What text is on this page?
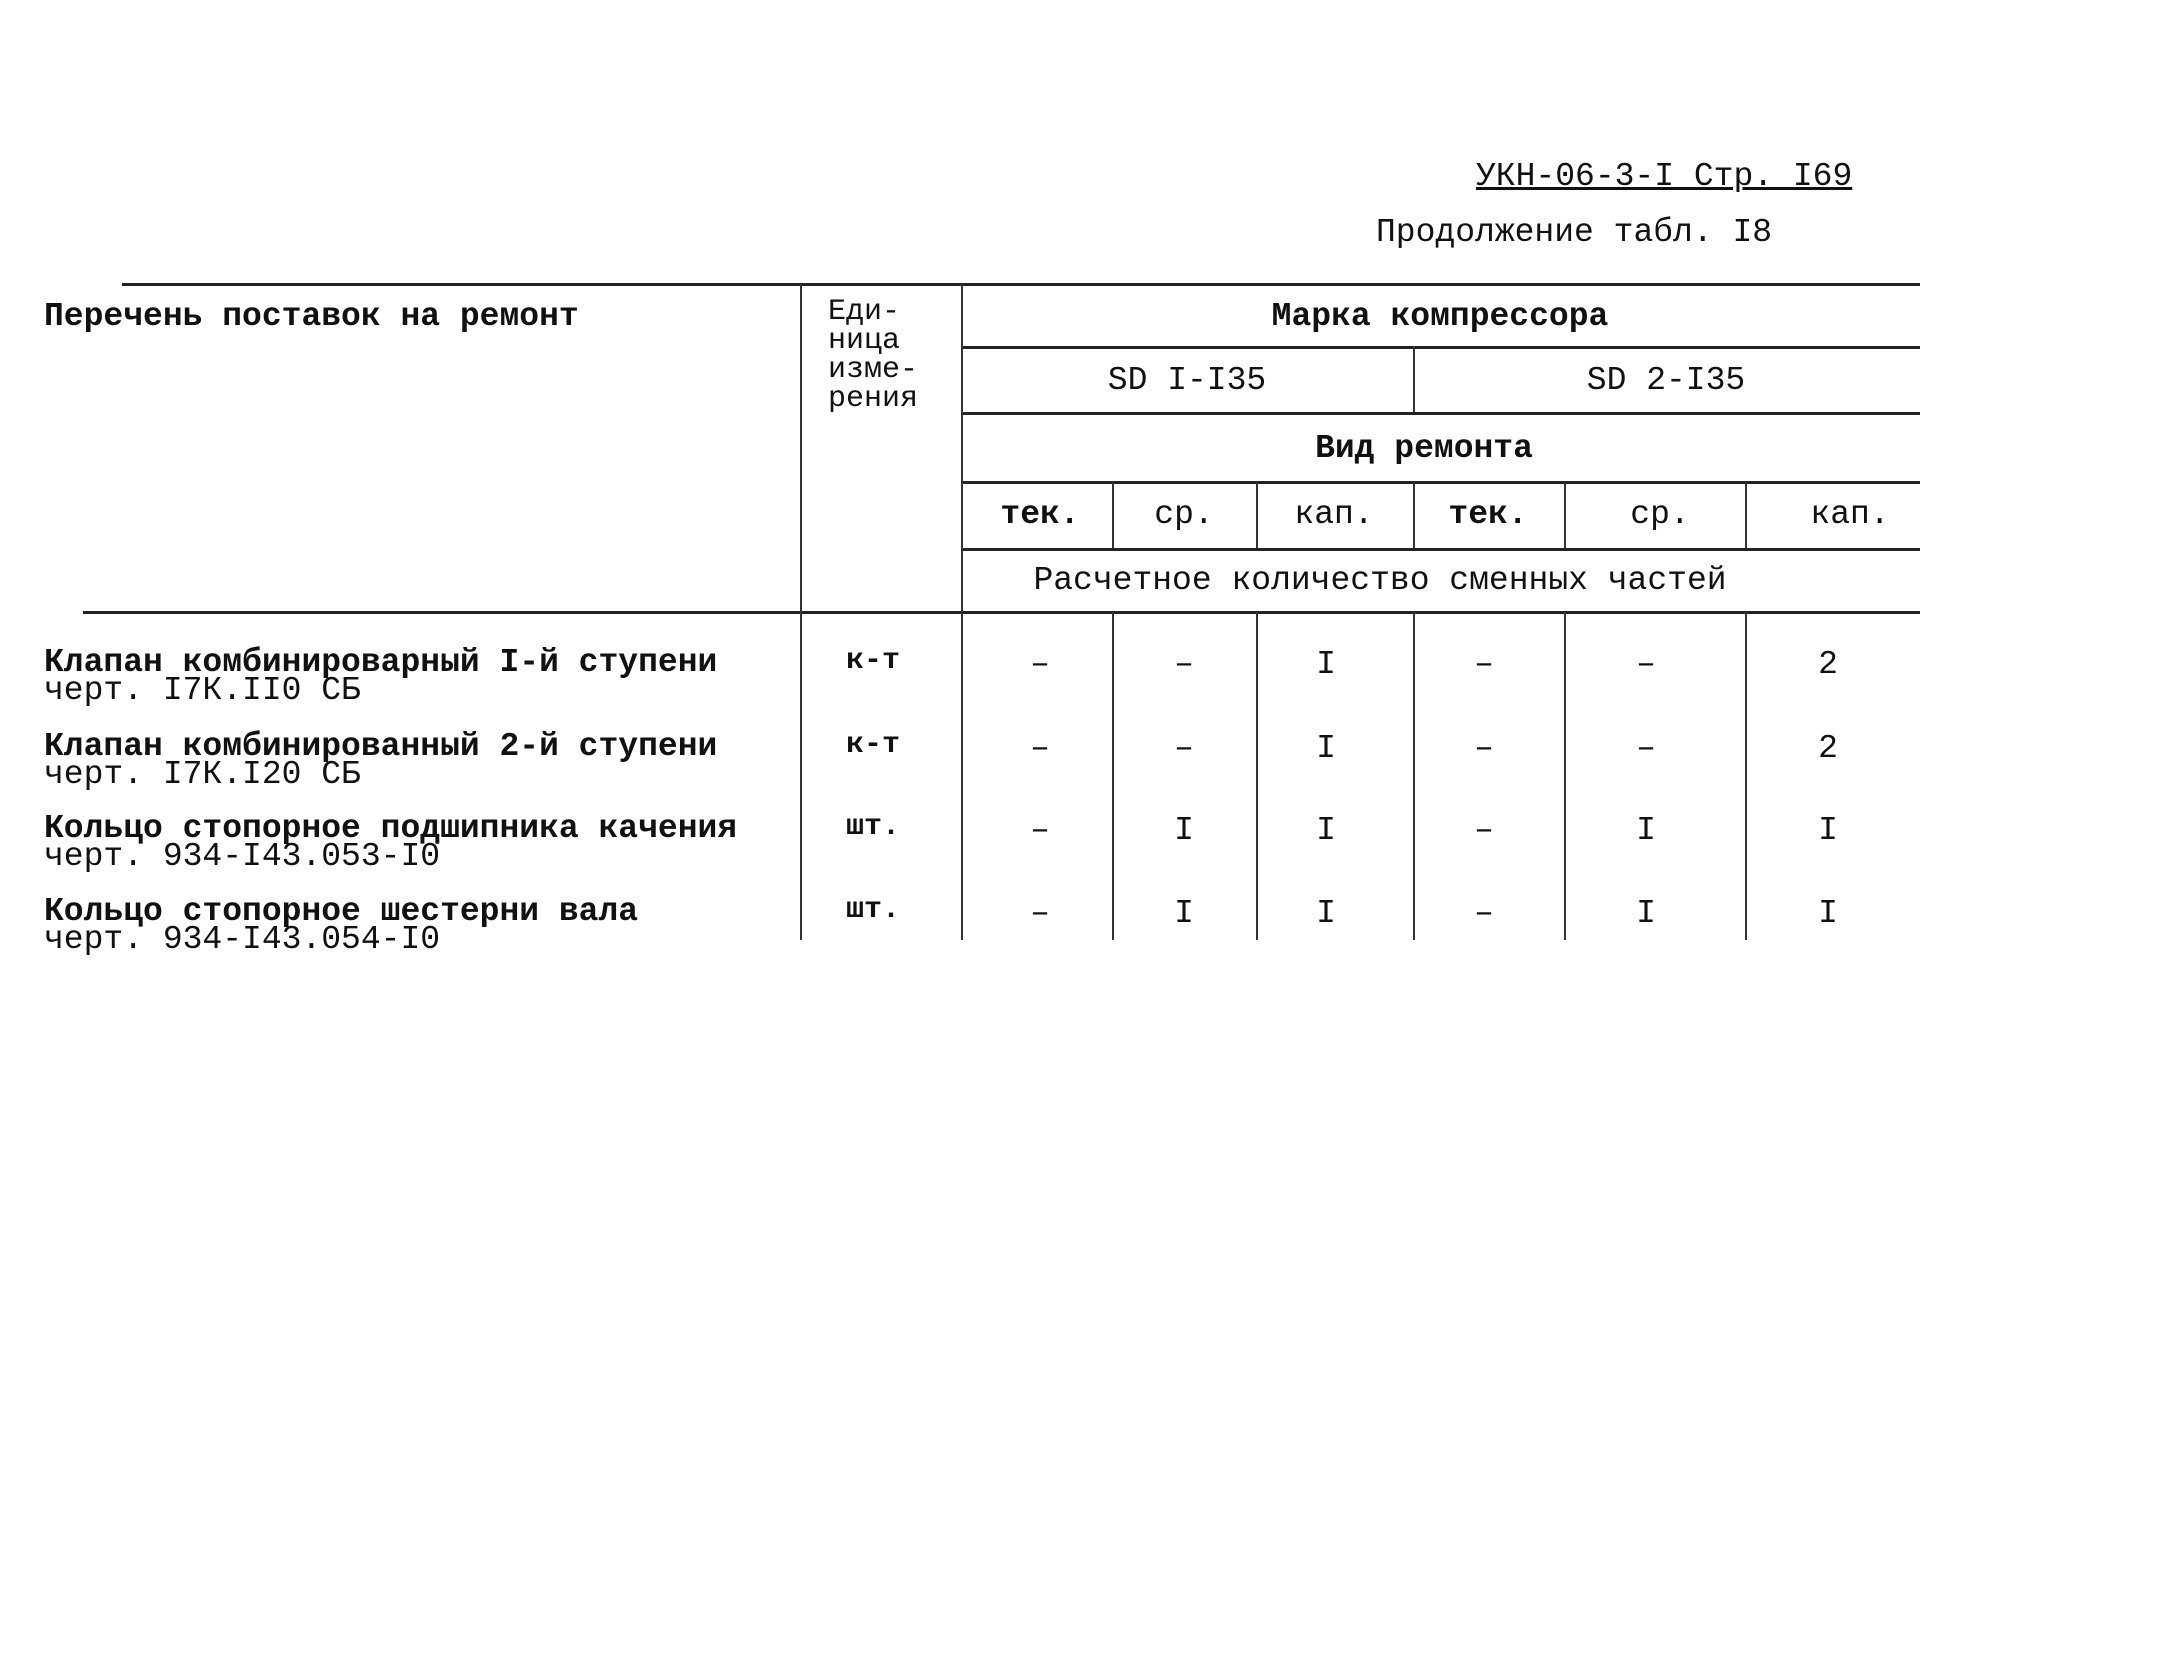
УКН-06-3-I Стр. I69
Продолжение табл. I8
Перечень поставок на ремонт	Еди-
ница
изме-
рения
Марка компрессора
SD I-I35	SD 2-I35
Вид ремонта
тек. ср. кап. тек.	ср.	кап.
Расчетное количество сменных частей
Клапан комбинироварный I-й ступени
черт. I7К.II0 СБ
к-т	–	–	I	–	–	2
Клапан комбинированный 2-й ступени
черт. I7К.I20 СБ
к-т	–	–	I	–	–	2
Кольцо стопорное подшипника качения
черт. 934-I43.053-I0
шт.	–	I	I	–	I	I
Кольцо стопорное шестерни вала
черт. 934-I43.054-I0
шт.	–	I	I	–	I	I
